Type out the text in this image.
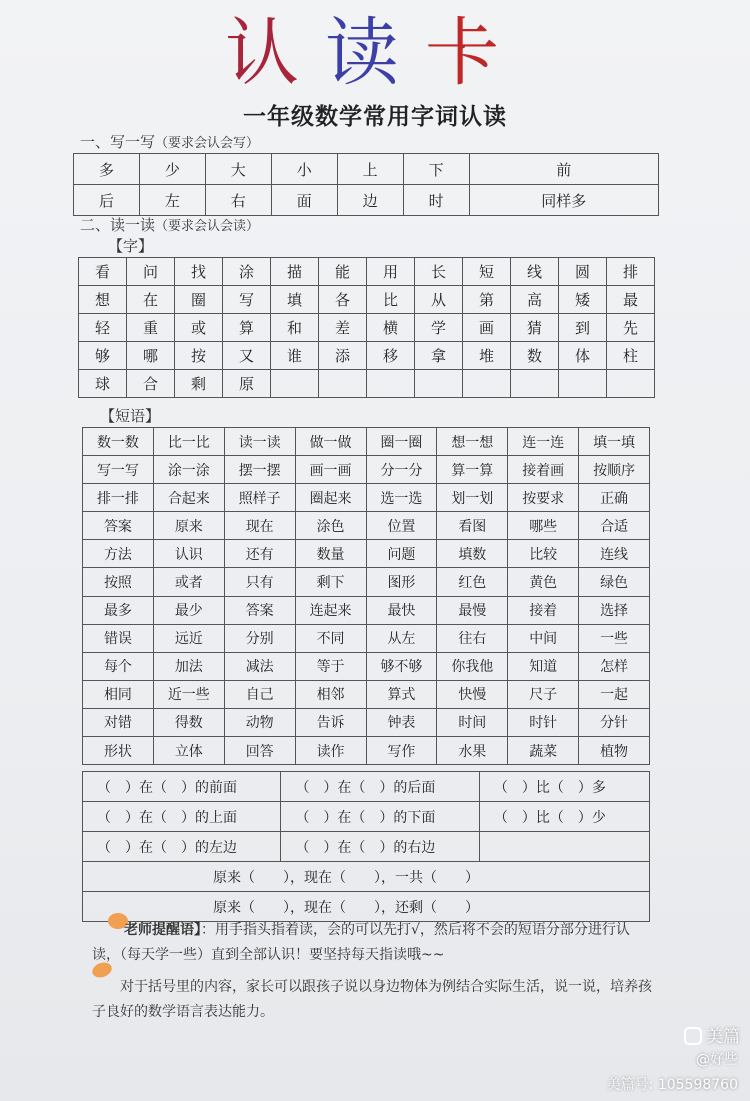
认读卡
一年级数学常用字词认读
一、写一写（要求会认会写）
多	少	大	小	上	下	前
后	左	右	面	边	时	同样多
二、读一读（要求会认会读）
【字】
看	问	找	涂	描	能	用	长	短	线	圆	排
想	在	圈	写	填	各	比	从	第	高	矮	最
轻	重	或	算	和	差	横	学	画	猜	到	先
够	哪	按	又	谁	添	移	拿	堆	数	体	柱
球	合	剩	原								
【短语】
数一数	比一比	读一读	做一做	圈一圈	想一想	连一连	填一填
写一写	涂一涂	摆一摆	画一画	分一分	算一算	接着画	按顺序
排一排	合起来	照样子	圈起来	选一选	划一划	按要求	正确
答案	原来	现在	涂色	位置	看图	哪些	合适
方法	认识	还有	数量	问题	填数	比较	连线
按照	或者	只有	剩下	图形	红色	黄色	绿色
最多	最少	答案	连起来	最快	最慢	接着	选择
错误	远近	分别	不同	从左	往右	中间	一些
每个	加法	减法	等于	够不够	你我他	知道	怎样
相同	近一些	自己	相邻	算式	快慢	尺子	一起
对错	得数	动物	告诉	钟表	时间	时针	分针
形状	立体	回答	读作	写作	水果	蔬菜	植物
（　）在（　）的前面	（　）在（　）的后面	（　）比（　）多
（　）在（　）的上面	（　）在（　）的下面	（　）比（　）少
（　）在（　）的左边	（　）在（　）的右边	
原来（　　），现在（　　），一共（　　）		
原来（　　），现在（　　），还剩（　　）		
老师提醒语】：用手指头指着读，会的可以先打√，然后将不会的短语分部分进行认读，（每天学一些）直到全部认识！要坚持每天指读哦~~
对于括号里的内容，家长可以跟孩子说以身边物体为例结合实际生活，说一说，培养孩子良好的数学语言表达能力。
美篇
@好些
美篇号: 105598760
